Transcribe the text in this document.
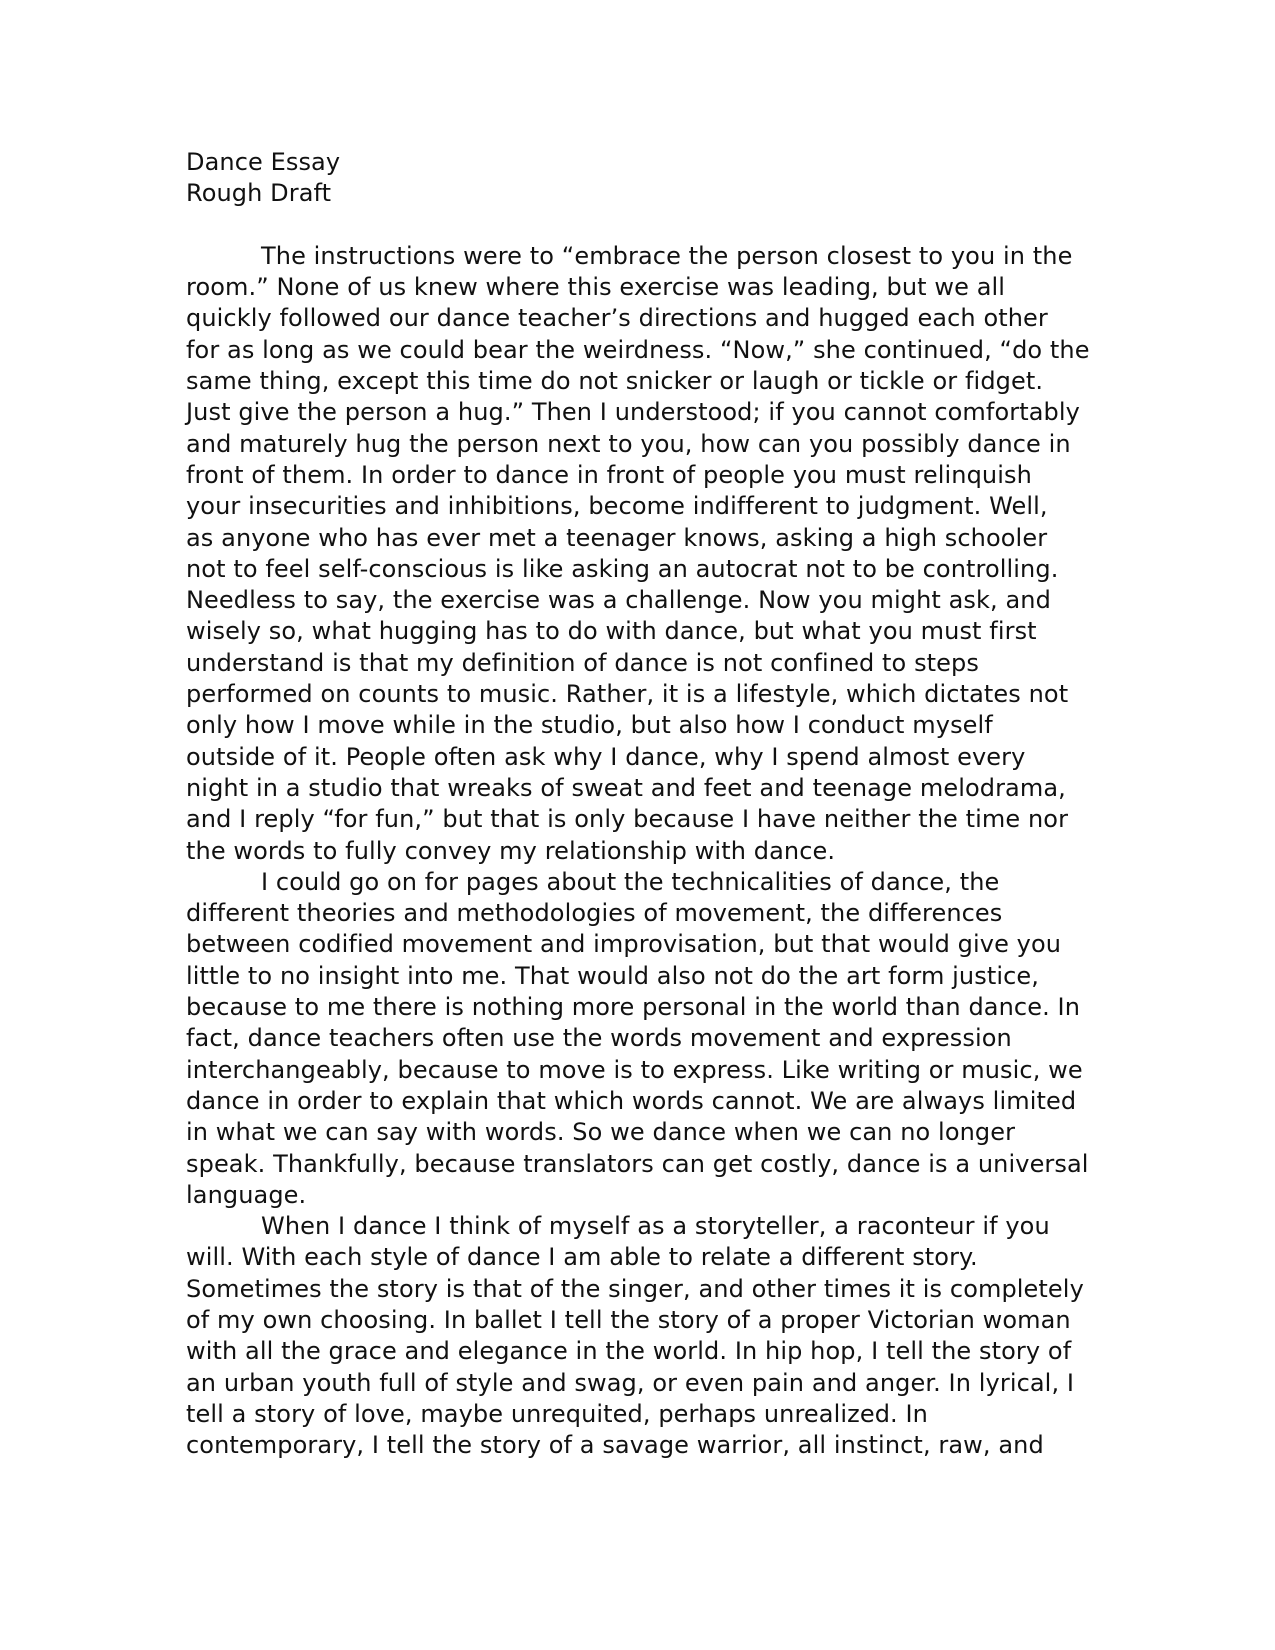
Dance Essay
Rough Draft
The instructions were to “embrace the person closest to you in the
room.” None of us knew where this exercise was leading, but we all
quickly followed our dance teacher’s directions and hugged each other
for as long as we could bear the weirdness. “Now,” she continued, “do the
same thing, except this time do not snicker or laugh or tickle or fidget.
Just give the person a hug.” Then I understood; if you cannot comfortably
and maturely hug the person next to you, how can you possibly dance in
front of them. In order to dance in front of people you must relinquish
your insecurities and inhibitions, become indifferent to judgment. Well,
as anyone who has ever met a teenager knows, asking a high schooler
not to feel self-conscious is like asking an autocrat not to be controlling.
Needless to say, the exercise was a challenge. Now you might ask, and
wisely so, what hugging has to do with dance, but what you must first
understand is that my definition of dance is not confined to steps
performed on counts to music. Rather, it is a lifestyle, which dictates not
only how I move while in the studio, but also how I conduct myself
outside of it. People often ask why I dance, why I spend almost every
night in a studio that wreaks of sweat and feet and teenage melodrama,
and I reply “for fun,” but that is only because I have neither the time nor
the words to fully convey my relationship with dance.
I could go on for pages about the technicalities of dance, the
different theories and methodologies of movement, the differences
between codified movement and improvisation, but that would give you
little to no insight into me. That would also not do the art form justice,
because to me there is nothing more personal in the world than dance. In
fact, dance teachers often use the words movement and expression
interchangeably, because to move is to express. Like writing or music, we
dance in order to explain that which words cannot. We are always limited
in what we can say with words. So we dance when we can no longer
speak. Thankfully, because translators can get costly, dance is a universal
language.
When I dance I think of myself as a storyteller, a raconteur if you
will. With each style of dance I am able to relate a different story.
Sometimes the story is that of the singer, and other times it is completely
of my own choosing. In ballet I tell the story of a proper Victorian woman
with all the grace and elegance in the world. In hip hop, I tell the story of
an urban youth full of style and swag, or even pain and anger. In lyrical, I
tell a story of love, maybe unrequited, perhaps unrealized. In
contemporary, I tell the story of a savage warrior, all instinct, raw, and
